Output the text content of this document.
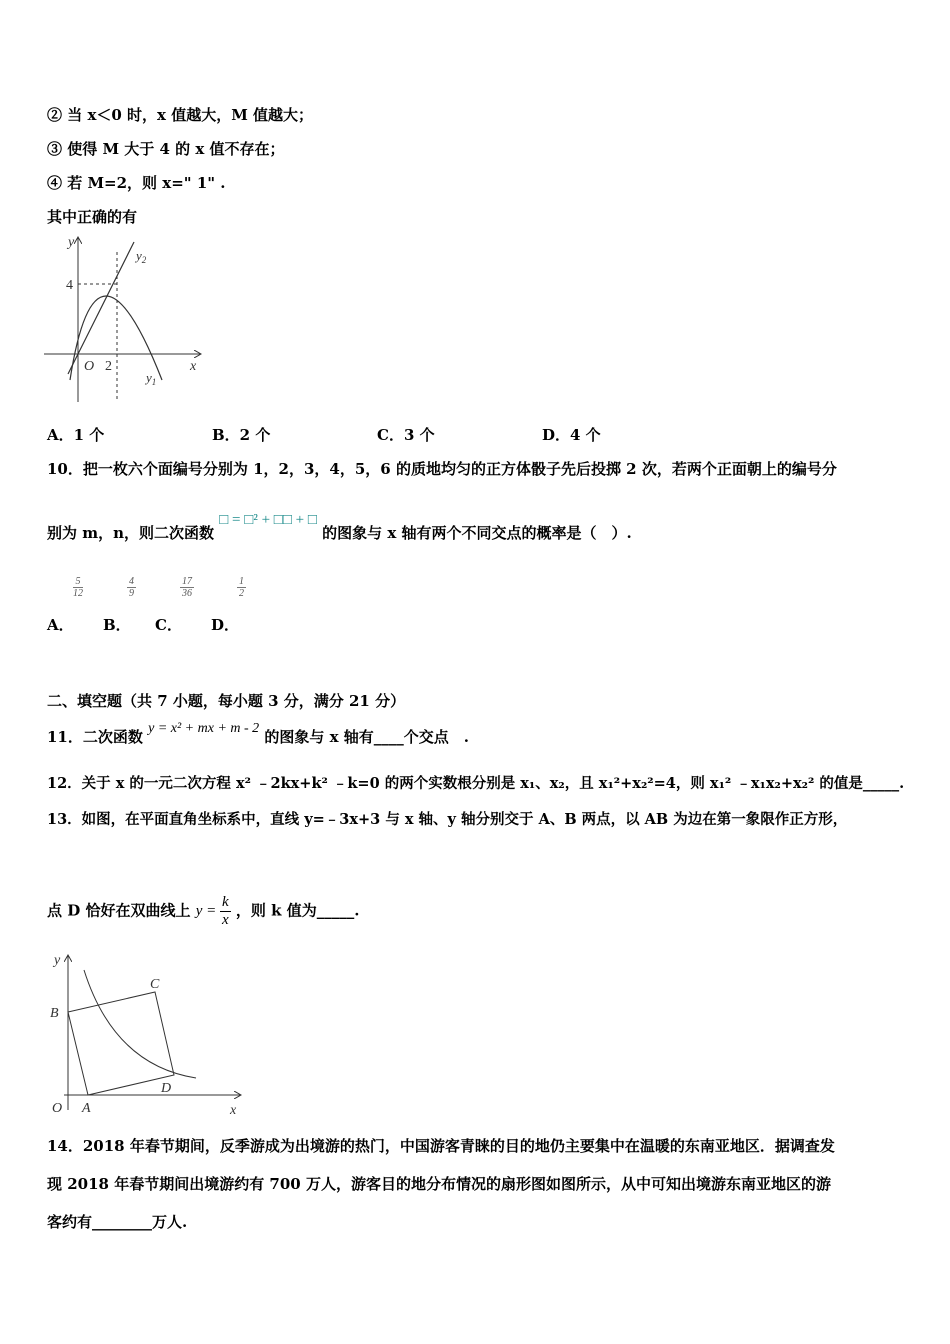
② 当 x＜0 时，x 值越大，M 值越大；
③ 使得 M 大于 4 的 x 值不存在；
④ 若 M=2，则 x=" 1" .
其中正确的有
y
x
O 2
4
$y_2$
$y_1$
A．1 个	B．2 个	C．3 个	D．4 个
10．把一枚六个面编号分别为 1，2，3，4，5，6 的质地均匀的正方体骰子先后投掷 2 次，若两个正面朝上的编号分
别为 m，n，则二次函数 □ = □² + □□ + □ 的图象与 x 轴有两个不同交点的概率是（　）.
$\frac{5}{12}$	$\frac{4}{9}$	$\frac{17}{36}$	$\frac{1}{2}$
A． B． C． D．
二、填空题（共 7 小题，每小题 3 分，满分 21 分）
11．二次函数 y = x² + mx + m - 2 的图象与 x 轴有____个交点　.
12．关于 x 的一元二次方程 x² ﹣2kx+k² ﹣k=0 的两个实数根分别是 x₁、x₂，且 x₁²+x₂²=4，则 x₁² ﹣x₁x₂+x₂² 的值是_____.
13．如图，在平面直角坐标系中，直线 y=﹣3x+3 与 x 轴、y 轴分别交于 A、B 两点，以 AB 为边在第一象限作正方形，
点 D 恰好在双曲线上 $y = \frac{k}{x}$ ，则 k 值为_____.
y
x
O A
B
C
D
14．2018 年春节期间，反季游成为出境游的热门，中国游客青睐的目的地仍主要集中在温暖的东南亚地区．据调查发
现 2018 年春节期间出境游约有 700 万人，游客目的地分布情况的扇形图如图所示，从中可知出境游东南亚地区的游
客约有________万人.
